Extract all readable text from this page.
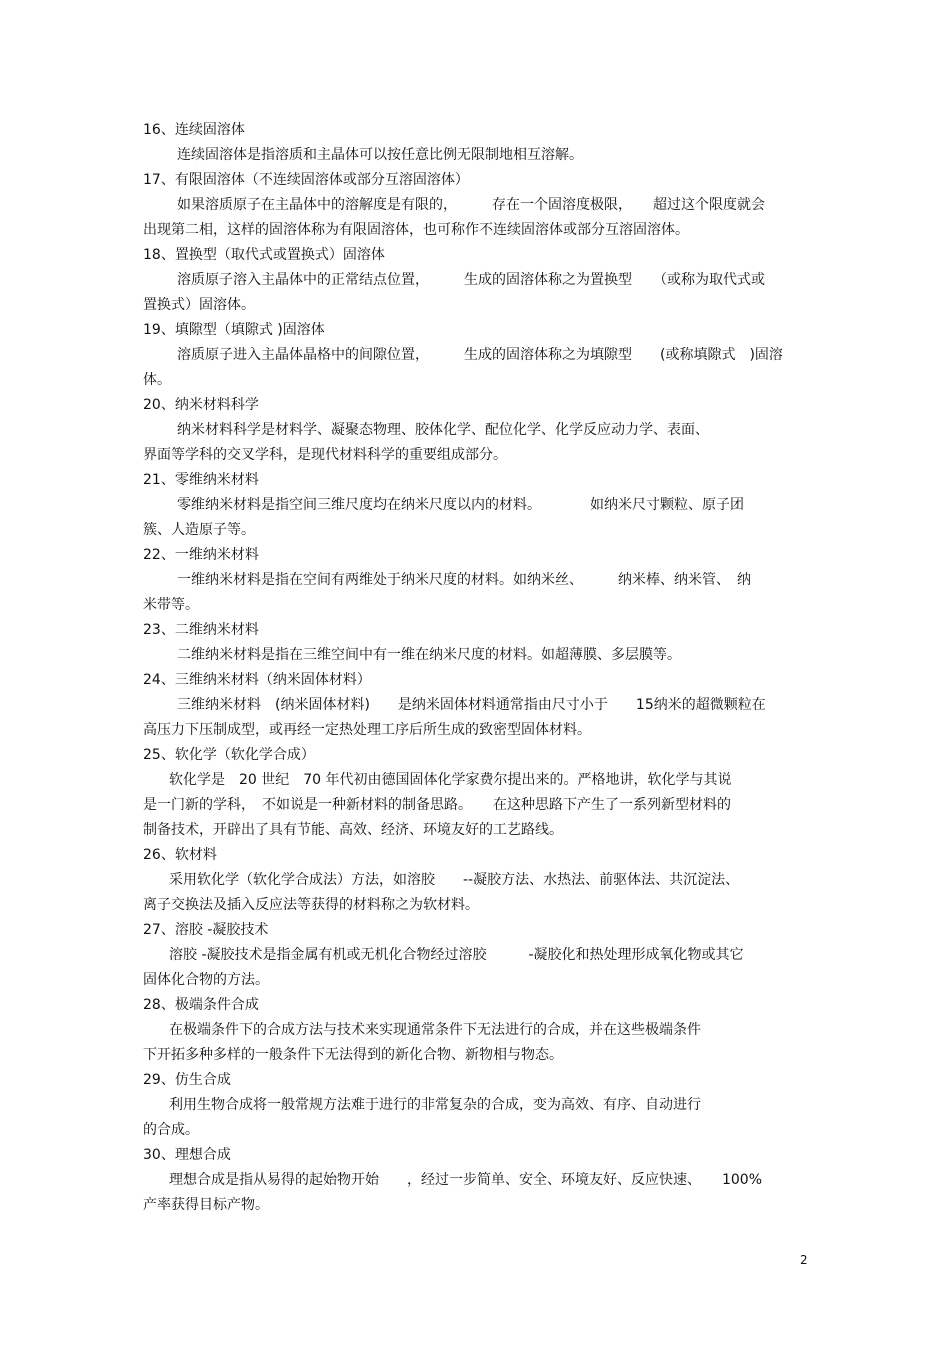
16、连续固溶体
连续固溶体是指溶质和主晶体可以按任意比例无限制地相互溶解。
17、有限固溶体（不连续固溶体或部分互溶固溶体）
如果溶质原子在主晶体中的溶解度是有限的，　　　存在一个固溶度极限，　　超过这个限度就会
出现第二相，这样的固溶体称为有限固溶体，也可称作不连续固溶体或部分互溶固溶体。
18、置换型（取代式或置换式）固溶体
溶质原子溶入主晶体中的正常结点位置，　　　生成的固溶体称之为置换型　　（或称为取代式或
置换式）固溶体。
19、填隙型（填隙式 )固溶体
溶质原子进入主晶体晶格中的间隙位置，　　　生成的固溶体称之为填隙型　　(或称填隙式　)固溶
体。
20、纳米材料科学
纳米材料科学是材料学、凝聚态物理、胶体化学、配位化学、化学反应动力学、表面、
界面等学科的交叉学科，是现代材料科学的重要组成部分。
21、零维纳米材料
零维纳米材料是指空间三维尺度均在纳米尺度以内的材料。　　　　如纳米尺寸颗粒、原子团
簇、人造原子等。
22、一维纳米材料
一维纳米材料是指在空间有两维处于纳米尺度的材料。如纳米丝、　　　纳米棒、纳米管、　纳
米带等。
23、二维纳米材料
二维纳米材料是指在三维空间中有一维在纳米尺度的材料。如超薄膜、多层膜等。
24、三维纳米材料（纳米固体材料）
三维纳米材料　(纳米固体材料)　　是纳米固体材料通常指由尺寸小于　　15纳米的超微颗粒在
高压力下压制成型，或再经一定热处理工序后所生成的致密型固体材料。
25、软化学（软化学合成）
软化学是　20 世纪　70 年代初由德国固体化学家费尔提出来的。严格地讲，软化学与其说
是一门新的学科，　不如说是一种新材料的制备思路。　　在这种思路下产生了一系列新型材料的
制备技术，开辟出了具有节能、高效、经济、环境友好的工艺路线。
26、软材料
采用软化学（软化学合成法）方法，如溶胶　　--凝胶方法、水热法、前驱体法、共沉淀法、
离子交换法及插入反应法等获得的材料称之为软材料。
27、溶胶 -凝胶技术
溶胶 -凝胶技术是指金属有机或无机化合物经过溶胶　　　-凝胶化和热处理形成氧化物或其它
固体化合物的方法。
28、极端条件合成
在极端条件下的合成方法与技术来实现通常条件下无法进行的合成，并在这些极端条件
下开拓多种多样的一般条件下无法得到的新化合物、新物相与物态。
29、仿生合成
利用生物合成将一般常规方法难于进行的非常复杂的合成，变为高效、有序、自动进行
的合成。
30、理想合成
理想合成是指从易得的起始物开始　　，经过一步简单、安全、环境友好、反应快速、　　100%
产率获得目标产物。
2
